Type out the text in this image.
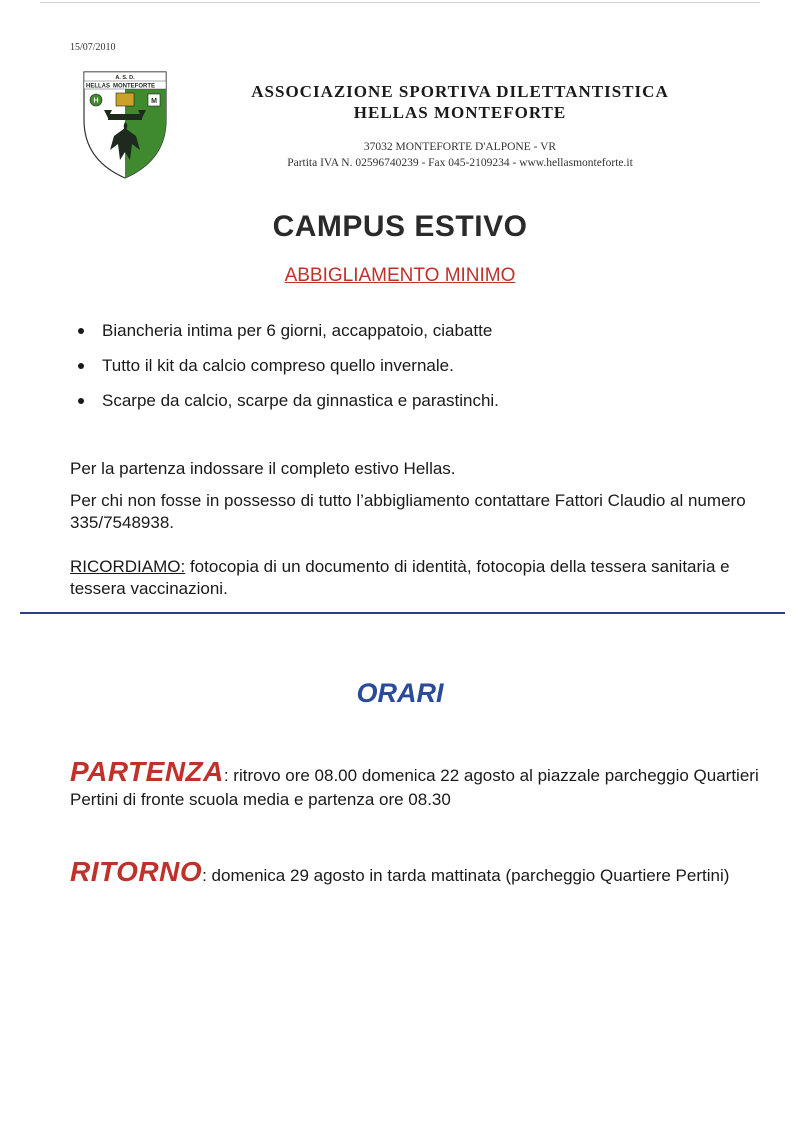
15/07/2010
A. S. D.
HELLAS MONTEFORTE
H	M
ASSOCIAZIONE SPORTIVA DILETTANTISTICA
HELLAS MONTEFORTE
37032 MONTEFORTE D'ALPONE - VR
Partita IVA N. 02596740239 - Fax 045-2109234 - www.hellasmonteforte.it
CAMPUS ESTIVO
ABBIGLIAMENTO MINIMO
Biancheria intima per 6 giorni, accappatoio, ciabatte
Tutto il kit da calcio compreso quello invernale.
Scarpe da calcio, scarpe da ginnastica e parastinchi.
Per la partenza indossare il completo estivo Hellas.
Per chi non fosse in possesso di tutto l’abbigliamento contattare Fattori Claudio al numero 335/7548938.
RICORDIAMO: fotocopia di un documento di identità, fotocopia della tessera sanitaria e tessera vaccinazioni.
ORARI
PARTENZA: ritrovo ore 08.00 domenica 22 agosto al piazzale parcheggio Quartieri Pertini di fronte scuola media e partenza ore 08.30
RITORNO: domenica 29 agosto in tarda mattinata (parcheggio Quartiere Pertini)
